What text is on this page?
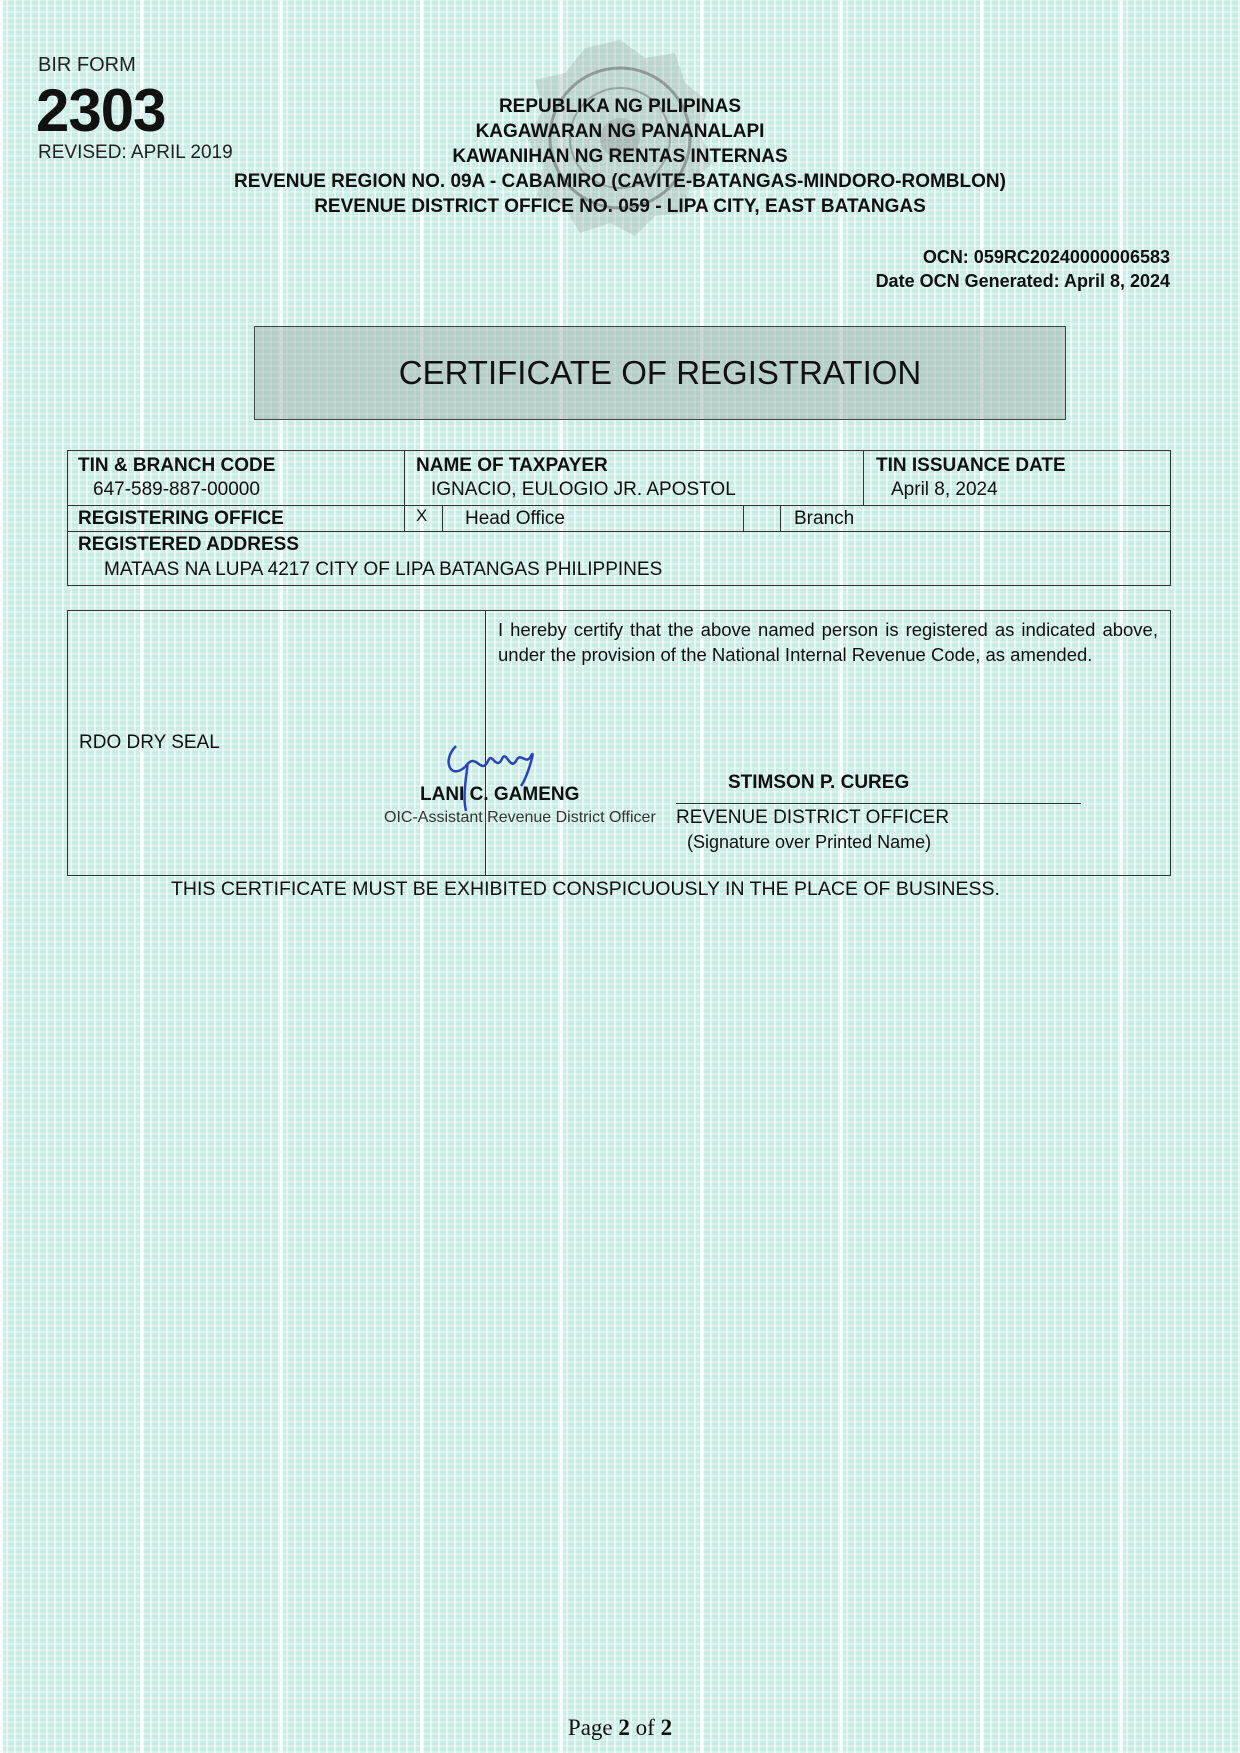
BIR FORM
2303
REVISED: APRIL 2019
REPUBLIKA NG PILIPINAS
KAGAWARAN NG PANANALAPI
KAWANIHAN NG RENTAS INTERNAS
REVENUE REGION NO. 09A - CABAMIRO (CAVITE-BATANGAS-MINDORO-ROMBLON)
REVENUE DISTRICT OFFICE NO. 059 - LIPA CITY, EAST BATANGAS
OCN: 059RC20240000006583
Date OCN Generated: April 8, 2024
CERTIFICATE OF REGISTRATION
TIN & BRANCH CODE
647-589-887-00000
NAME OF TAXPAYER
IGNACIO, EULOGIO JR. APOSTOL
TIN ISSUANCE DATE
April 8, 2024
REGISTERING OFFICE	X Head Office	Branch
REGISTERED ADDRESS
MATAAS NA LUPA 4217 CITY OF LIPA BATANGAS PHILIPPINES
I hereby certify that the above named person is registered as indicated above, under the provision of the National Internal Revenue Code, as amended.
RDO DRY SEAL
LANI C. GAMENG
OIC-Assistant Revenue District Officer
STIMSON P. CUREG
REVENUE DISTRICT OFFICER
(Signature over Printed Name)
THIS CERTIFICATE MUST BE EXHIBITED CONSPICUOUSLY IN THE PLACE OF BUSINESS.
Page 2 of 2
